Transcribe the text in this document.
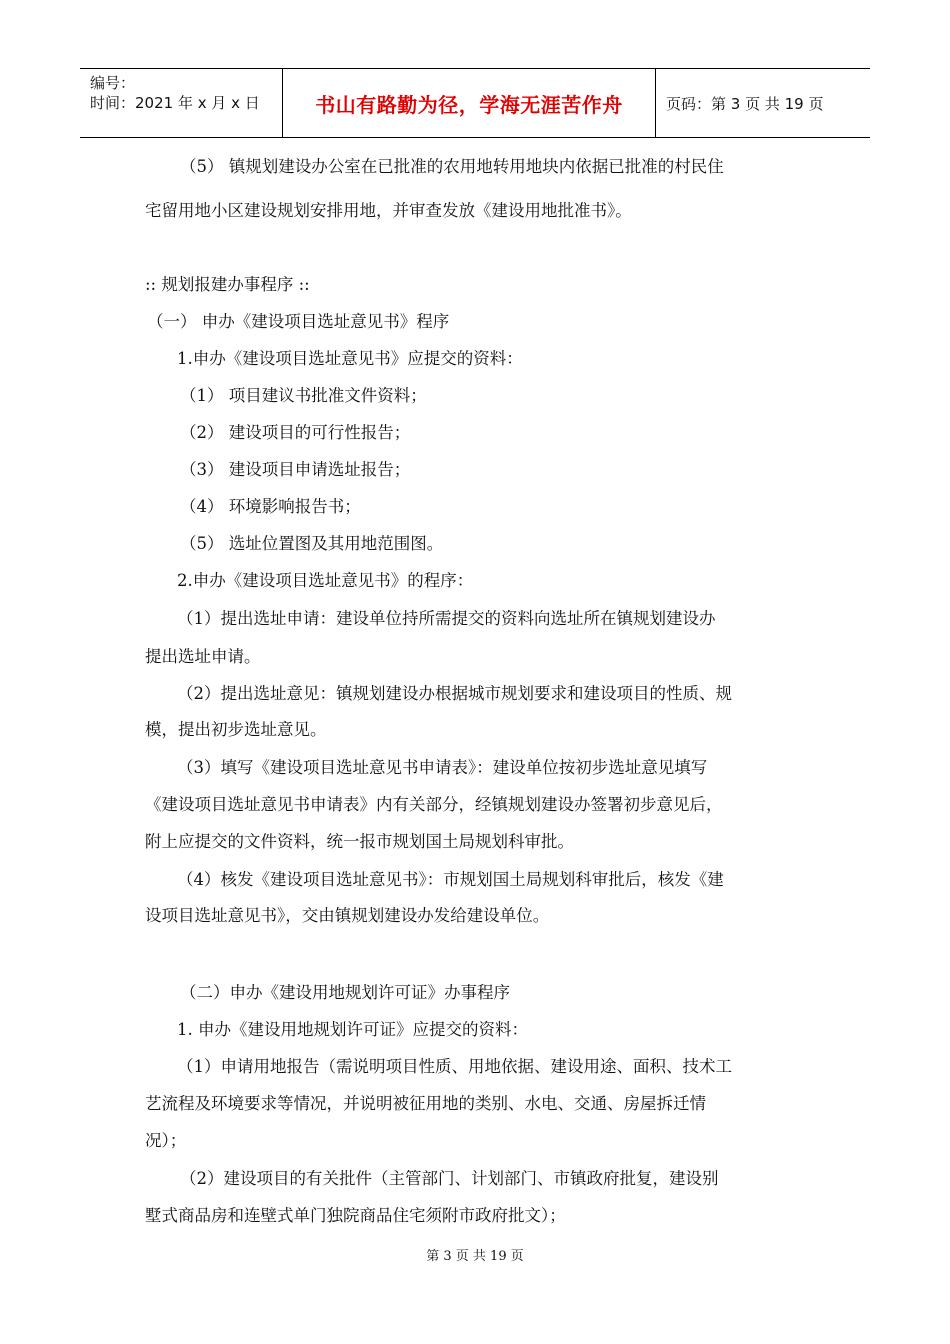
编号：
时间：2021 年 x 月 x 日	书山有路勤为径，学海无涯苦作舟	页码：第 3 页 共 19 页
（5） 镇规划建设办公室在已批准的农用地转用地块内依据已批准的村民住
宅留用地小区建设规划安排用地，并审查发放《建设用地批准书》。
:: 规划报建办事程序 ::
（一） 申办《建设项目选址意见书》程序
1.申办《建设项目选址意见书》应提交的资料：
（1） 项目建议书批准文件资料；
（2） 建设项目的可行性报告；
（3） 建设项目申请选址报告；
（4） 环境影响报告书；
（5） 选址位置图及其用地范围图。
2.申办《建设项目选址意见书》的程序：
（1）提出选址申请：建设单位持所需提交的资料向选址所在镇规划建设办
提出选址申请。
（2）提出选址意见：镇规划建设办根据城市规划要求和建设项目的性质、规
模，提出初步选址意见。
（3）填写《建设项目选址意见书申请表》：建设单位按初步选址意见填写
《建设项目选址意见书申请表》内有关部分，经镇规划建设办签署初步意见后，
附上应提交的文件资料，统一报市规划国土局规划科审批。
（4）核发《建设项目选址意见书》：市规划国土局规划科审批后，核发《建
设项目选址意见书》，交由镇规划建设办发给建设单位。
（二）申办《建设用地规划许可证》办事程序
1. 申办《建设用地规划许可证》应提交的资料：
（1）申请用地报告（需说明项目性质、用地依据、建设用途、面积、技术工
艺流程及环境要求等情况，并说明被征用地的类别、水电、交通、房屋拆迁情
况）；
（2）建设项目的有关批件（主管部门、计划部门、市镇政府批复，建设别
墅式商品房和连壁式单门独院商品住宅须附市政府批文）；
第 3 页 共 19 页
